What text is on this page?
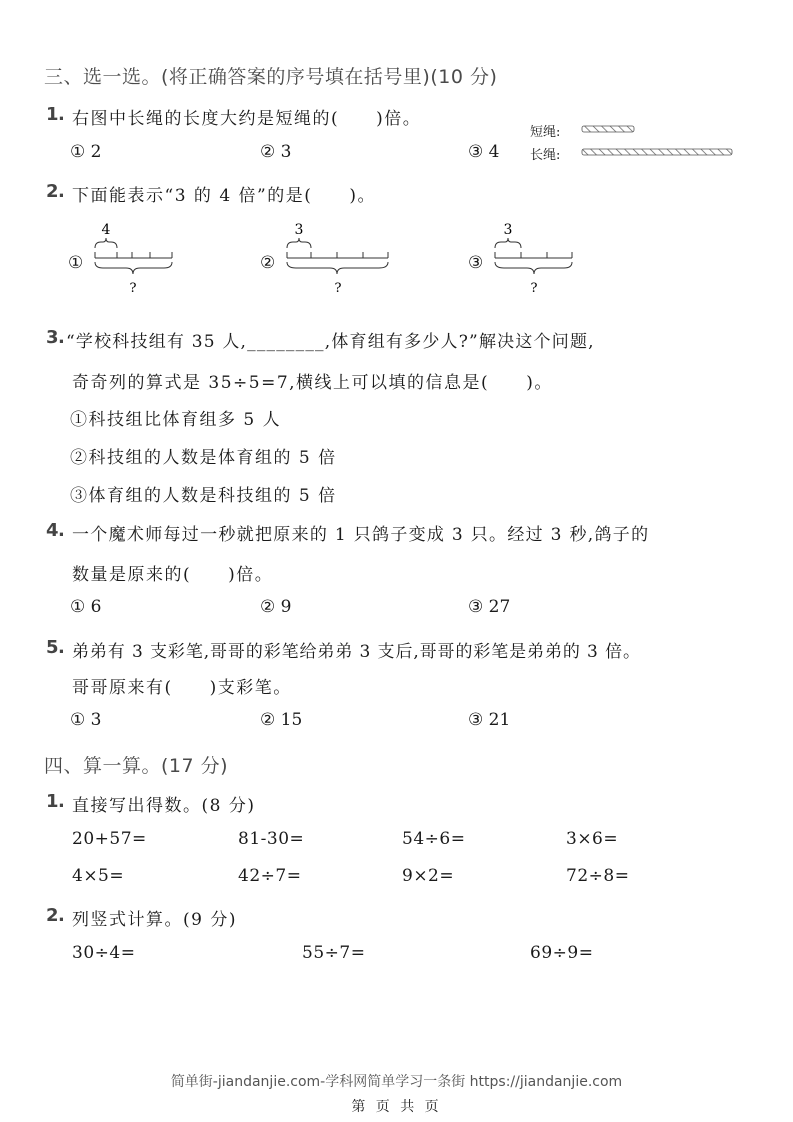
三、选一选。(将正确答案的序号填在括号里)(10 分)
1 . 右图中长绳的长度大约是短绳的(　　)倍。
短绳:
长绳:
① 2	② 3	③ 4
2 . 下面能表示“3 的 4 倍”的是(　　)。
①
4
?
②
3
?
③
3
?
3 . “学校科技组有 35 人,________,体育组有多少人?”解决这个问题,
奇奇列的算式是 35÷5=7,横线上可以填的信息是(　　)。
①科技组比体育组多 5 人
②科技组的人数是体育组的 5 倍
③体育组的人数是科技组的 5 倍
4 . 一个魔术师每过一秒就把原来的 1 只鸽子变成 3 只。经过 3 秒,鸽子的
数量是原来的(　　)倍。
① 6	② 9	③ 27
5 . 弟弟有 3 支彩笔,哥哥的彩笔给弟弟 3 支后,哥哥的彩笔是弟弟的 3 倍。
哥哥原来有(　　)支彩笔。
① 3	② 15	③ 21
四、算一算。(17 分)
1 . 直接写出得数。(8 分)
20+57=	81-30=	54÷6=	3×6=
4×5=	42÷7=	9×2=	72÷8=
2 . 列竖式计算。(9 分)
30÷4=	55÷7=	69÷9=
简单街-jiandanjie.com-学科网简单学习一条街 https://jiandanjie.com
第 页 共 页
